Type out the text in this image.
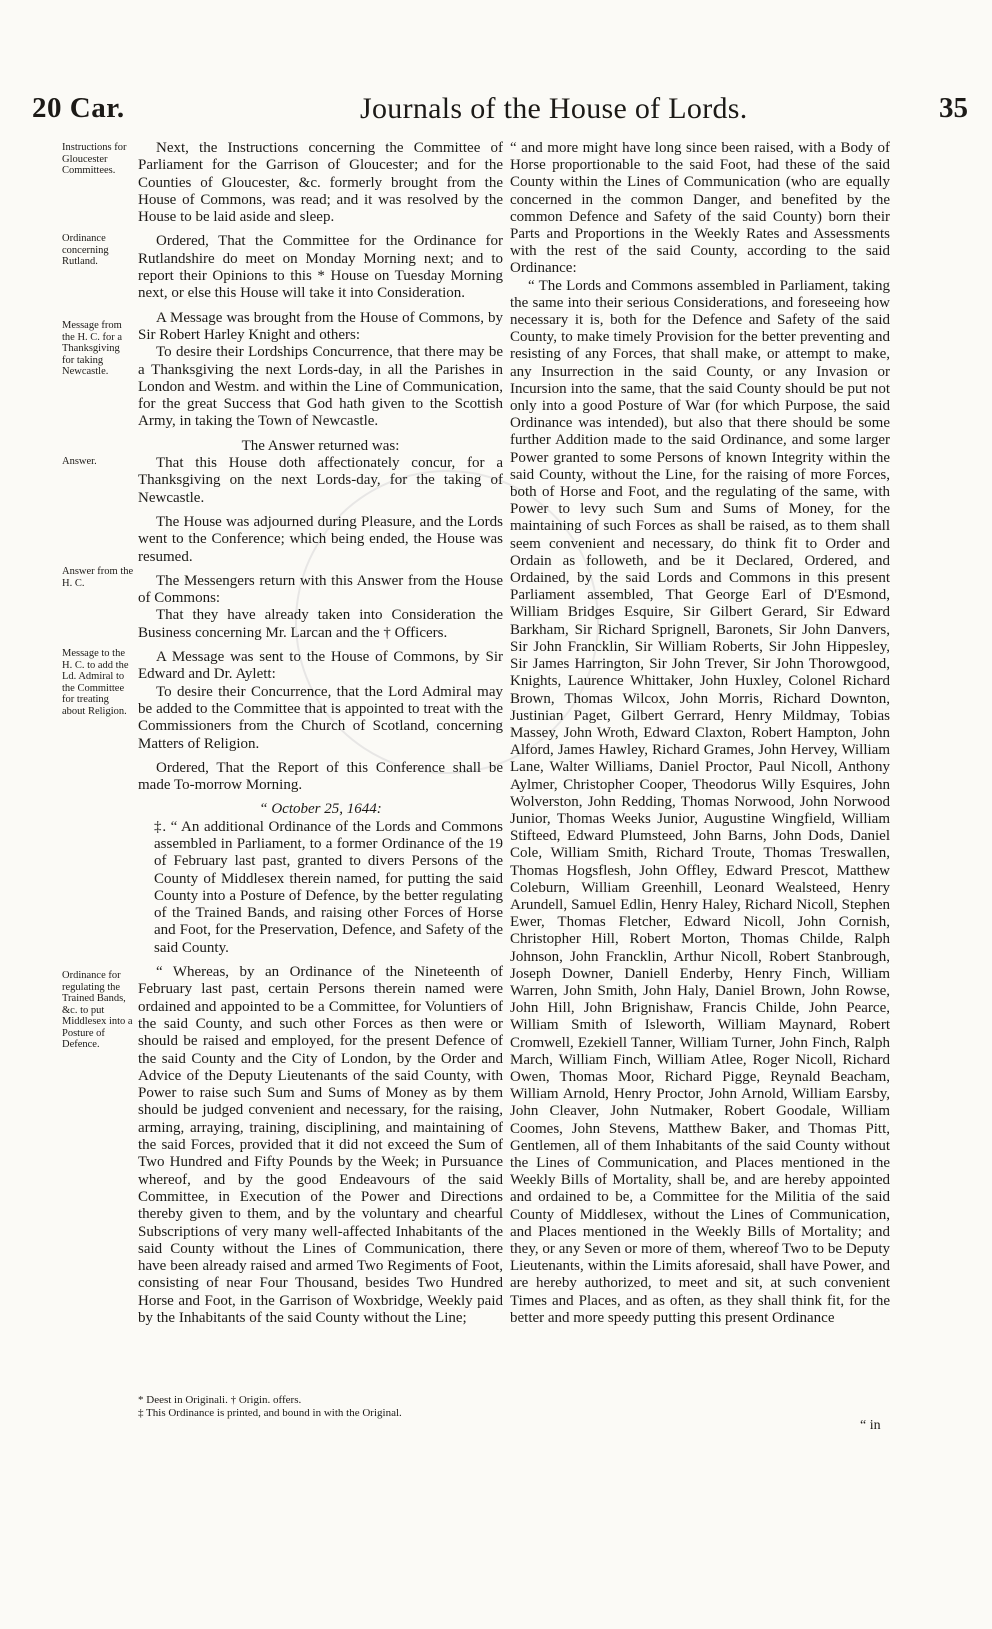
20 Car.	Journals of the House of Lords.	35
Instructions for Gloucester Committees.
Ordinance concerning Rutland.
Message from the H. C. for a Thanksgiving for taking Newcastle.
Answer.
Answer from the H. C.
Message to the H. C. to add the Ld. Admiral to the Committee for treating about Religion.
Ordinance for regulating the Trained Bands, &c. to put Middlesex into a Posture of Defence.

Next, the Instructions concerning the Committee of Parliament for the Garrison of Gloucester; and for the Counties of Gloucester, &c. formerly brought from the House of Commons, was read; and it was resolved by the House to be laid aside and sleep.

Ordered, That the Committee for the Ordinance for Rutlandshire do meet on Monday Morning next; and to report their Opinions to this * House on Tuesday Morning next, or else this House will take it into Consideration.

A Message was brought from the House of Commons, by Sir Robert Harley Knight and others:

To desire their Lordships Concurrence, that there may be a Thanksgiving the next Lords-day, in all the Parishes in London and Westm. and within the Line of Communication, for the great Success that God hath given to the Scottish Army, in taking the Town of Newcastle.

The Answer returned was:

That this House doth affectionately concur, for a Thanksgiving on the next Lords-day, for the taking of Newcastle.

The House was adjourned during Pleasure, and the Lords went to the Conference; which being ended, the House was resumed.

The Messengers return with this Answer from the House of Commons:

That they have already taken into Consideration the Business concerning Mr. Larcan and the † Officers.

A Message was sent to the House of Commons, by Sir Edward and Dr. Aylett:

To desire their Concurrence, that the Lord Admiral may be added to the Committee that is appointed to treat with the Commissioners from the Church of Scotland, concerning Matters of Religion.

Ordered, That the Report of this Conference shall be made To-morrow Morning.

“ October 25, 1644:

‡. “ An additional Ordinance of the Lords and Commons assembled in Parliament, to a former Ordinance of the 19 of February last past, granted to divers Persons of the County of Middlesex therein named, for putting the said County into a Posture of Defence, by the better regulating of the Trained Bands, and raising other Forces of Horse and Foot, for the Preservation, Defence, and Safety of the said County.

“ Whereas, by an Ordinance of the Nineteenth of February last past, certain Persons therein named were ordained and appointed to be a Committee, for Voluntiers of the said County, and such other Forces as then were or should be raised and employed, for the present Defence of the said County and the City of London, by the Order and Advice of the Deputy Lieutenants of the said County, with Power to raise such Sum and Sums of Money as by them should be judged convenient and necessary, for the raising, arming, arraying, training, disciplining, and maintaining of the said Forces, provided that it did not exceed the Sum of Two Hundred and Fifty Pounds by the Week; in Pursuance whereof, and by the good Endeavours of the said Committee, in Execution of the Power and Directions thereby given to them, and by the voluntary and chearful Subscriptions of very many well-affected Inhabitants of the said County without the Lines of Communication, there have been already raised and armed Two Regiments of Foot, consisting of near Four Thousand, besides Two Hundred Horse and Foot, in the Garrison of Woxbridge, Weekly paid by the Inhabitants of the said County without the Line;

* Deest in Originali. † Origin. offers.
‡ This Ordinance is printed, and bound in with the Original.

“ and more might have long since been raised, with a Body of Horse proportionable to the said Foot, had these of the said County within the Lines of Communication (who are equally concerned in the common Danger, and benefited by the common Defence and Safety of the said County) born their Parts and Proportions in the Weekly Rates and Assessments with the rest of the said County, according to the said Ordinance:

“ The Lords and Commons assembled in Parliament, taking the same into their serious Considerations, and foreseeing how necessary it is, both for the Defence and Safety of the said County, to make timely Provision for the better preventing and resisting of any Forces, that shall make, or attempt to make, any Insurrection in the said County, or any Invasion or Incursion into the same, that the said County should be put not only into a good Posture of War (for which Purpose, the said Ordinance was intended), but also that there should be some further Addition made to the said Ordinance, and some larger Power granted to some Persons of known Integrity within the said County, without the Line, for the raising of more Forces, both of Horse and Foot, and the regulating of the same, with Power to levy such Sum and Sums of Money, for the maintaining of such Forces as shall be raised, as to them shall seem convenient and necessary, do think fit to Order and Ordain as followeth, and be it Declared, Ordered, and Ordained, by the said Lords and Commons in this present Parliament assembled, That George Earl of D'Esmond, William Bridges Esquire, Sir Gilbert Gerard, Sir Edward Barkham, Sir Richard Sprignell, Baronets, Sir John Danvers, Sir John Francklin, Sir William Roberts, Sir John Hippesley, Sir James Harrington, Sir John Trever, Sir John Thorowgood, Knights, Laurence Whittaker, John Huxley, Colonel Richard Brown, Thomas Wilcox, John Morris, Richard Downton, Justinian Paget, Gilbert Gerrard, Henry Mildmay, Tobias Massey, John Wroth, Edward Claxton, Robert Hampton, John Alford, James Hawley, Richard Grames, John Hervey, William Lane, Walter Williams, Daniel Proctor, Paul Nicoll, Anthony Aylmer, Christopher Cooper, Theodorus Willy Esquires, John Wolverston, John Redding, Thomas Norwood, John Norwood Junior, Thomas Weeks Junior, Augustine Wingfield, William Stifteed, Edward Plumsteed, John Barns, John Dods, Daniel Cole, William Smith, Richard Troute, Thomas Treswallen, Thomas Hogsflesh, John Offley, Edward Prescot, Matthew Coleburn, William Greenhill, Leonard Wealsteed, Henry Arundell, Samuel Edlin, Henry Haley, Richard Nicoll, Stephen Ewer, Thomas Fletcher, Edward Nicoll, John Cornish, Christopher Hill, Robert Morton, Thomas Childe, Ralph Johnson, John Francklin, Arthur Nicoll, Robert Stanbrough, Joseph Downer, Daniell Enderby, Henry Finch, William Warren, John Smith, John Haly, Daniel Brown, John Rowse, John Hill, John Brignishaw, Francis Childe, John Pearce, William Smith of Isleworth, William Maynard, Robert Cromwell, Ezekiell Tanner, William Turner, John Finch, Ralph March, William Finch, William Atlee, Roger Nicoll, Richard Owen, Thomas Moor, Richard Pigge, Reynald Beacham, William Arnold, Henry Proctor, John Arnold, William Earsby, John Cleaver, John Nutmaker, Robert Goodale, William Coomes, John Stevens, Matthew Baker, and Thomas Pitt, Gentlemen, all of them Inhabitants of the said County without the Lines of Communication, and Places mentioned in the Weekly Bills of Mortality, shall be, and are hereby appointed and ordained to be, a Committee for the Militia of the said County of Middlesex, without the Lines of Communication, and Places mentioned in the Weekly Bills of Mortality; and they, or any Seven or more of them, whereof Two to be Deputy Lieutenants, within the Limits aforesaid, shall have Power, and are hereby authorized, to meet and sit, at such convenient Times and Places, and as often, as they shall think fit, for the better and more speedy putting this present Ordinance

“ in
